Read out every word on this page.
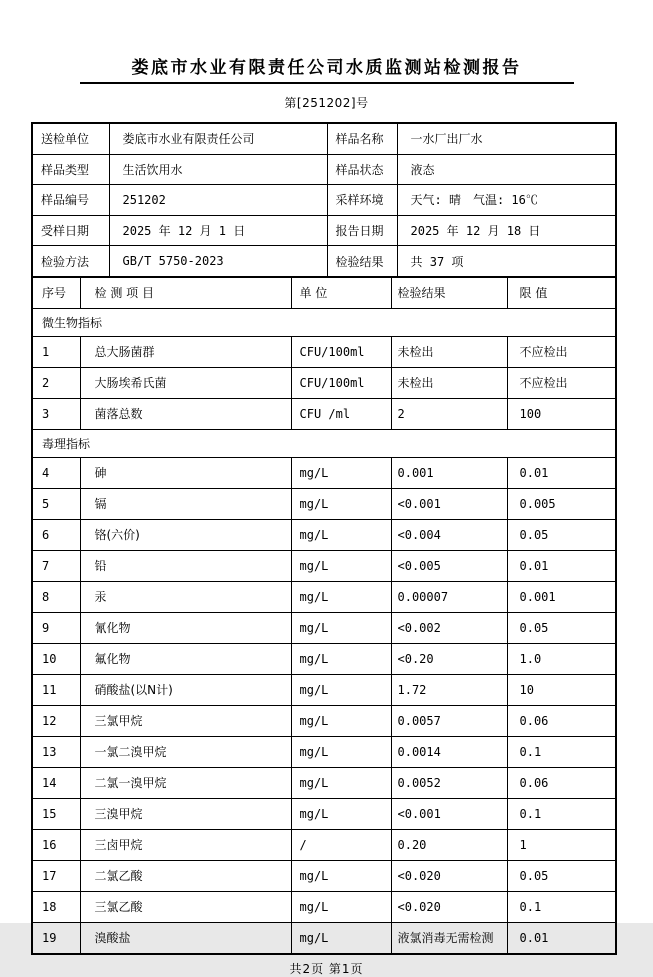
娄底市水业有限责任公司水质监测站检测报告
第[251202]号
送检单位	娄底市水业有限责任公司	样品名称	一水厂出厂水
样品类型	生活饮用水	样品状态	液态
样品编号	251202	采样环境	天气: 晴　气温: 16℃
受样日期	2025 年 12 月 1 日	报告日期	2025 年 12 月 18 日
检验方法	GB/T 5750-2023	检验结果	共 37 项
序号	检 测 项 目	单 位	检验结果	限 值
微生物指标				
1	总大肠菌群	CFU/100ml	未检出	不应检出
2	大肠埃希氏菌	CFU/100ml	未检出	不应检出
3	菌落总数	CFU /ml	2	100
毒理指标				
4	砷	mg/L	0.001	0.01
5	镉	mg/L	<0.001	0.005
6	铬(六价)	mg/L	<0.004	0.05
7	铅	mg/L	<0.005	0.01
8	汞	mg/L	0.00007	0.001
9	氰化物	mg/L	<0.002	0.05
10	氟化物	mg/L	<0.20	1.0
11	硝酸盐(以N计)	mg/L	1.72	10
12	三氯甲烷	mg/L	0.0057	0.06
13	一氯二溴甲烷	mg/L	0.0014	0.1
14	二氯一溴甲烷	mg/L	0.0052	0.06
15	三溴甲烷	mg/L	<0.001	0.1
16	三卤甲烷	/	0.20	1
17	二氯乙酸	mg/L	<0.020	0.05
18	三氯乙酸	mg/L	<0.020	0.1
19	溴酸盐	mg/L	液氯消毒无需检测	0.01
共2页 第1页
